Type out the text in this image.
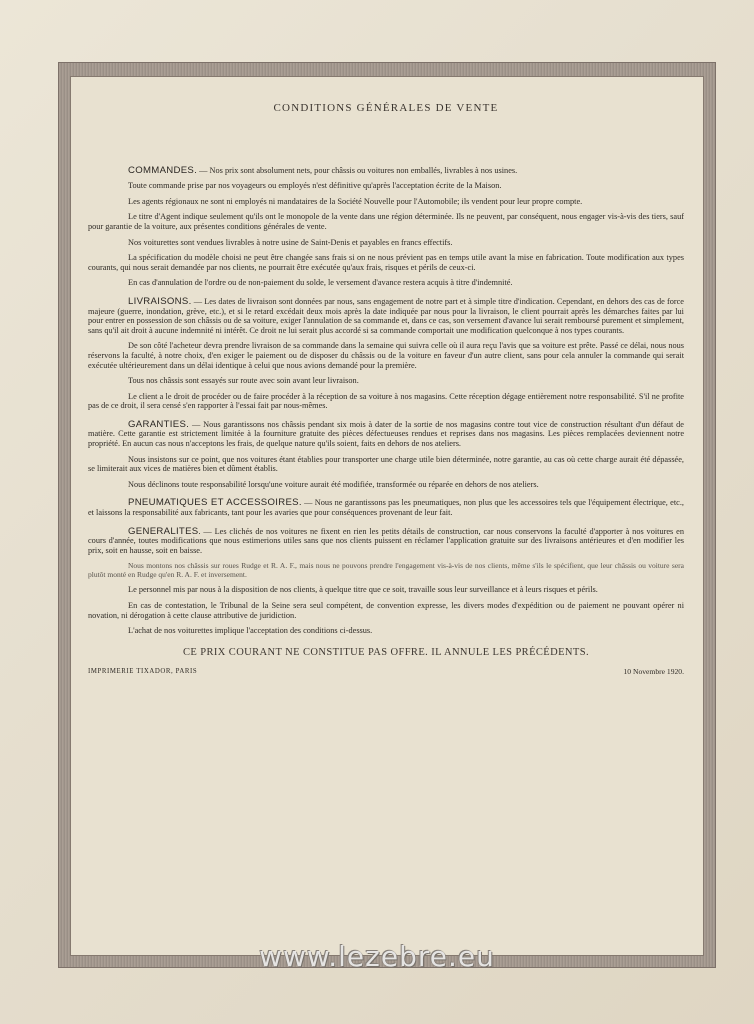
CONDITIONS GÉNÉRALES DE VENTE

COMMANDES. — Nos prix sont absolument nets, pour châssis ou voitures non emballés, livrables à nos usines.

Toute commande prise par nos voyageurs ou employés n'est définitive qu'après l'acceptation écrite de la Maison.

Les agents régionaux ne sont ni employés ni mandataires de la Société Nouvelle pour l'Automobile; ils vendent pour leur propre compte.

Le titre d'Agent indique seulement qu'ils ont le monopole de la vente dans une région déterminée. Ils ne peuvent, par conséquent, nous engager vis-à-vis des tiers, sauf pour garantie de la voiture, aux présentes conditions générales de vente.

Nos voiturettes sont vendues livrables à notre usine de Saint-Denis et payables en francs effectifs.

La spécification du modèle choisi ne peut être changée sans frais si on ne nous prévient pas en temps utile avant la mise en fabrication. Toute modification aux types courants, qui nous serait demandée par nos clients, ne pourrait être exécutée qu'aux frais, risques et périls de ceux-ci.

En cas d'annulation de l'ordre ou de non-paiement du solde, le versement d'avance restera acquis à titre d'indemnité.

LIVRAISONS. — Les dates de livraison sont données par nous, sans engagement de notre part et à simple titre d'indication. Cependant, en dehors des cas de force majeure (guerre, inondation, grève, etc.), et si le retard excédait deux mois après la date indiquée par nous pour la livraison, le client pourrait après les démarches faites par lui pour entrer en possession de son châssis ou de sa voiture, exiger l'annulation de sa commande et, dans ce cas, son versement d'avance lui serait remboursé purement et simplement, sans qu'il ait droit à aucune indemnité ni intérêt. Ce droit ne lui serait plus accordé si sa commande comportait une modification quelconque à nos types courants.

De son côté l'acheteur devra prendre livraison de sa commande dans la semaine qui suivra celle où il aura reçu l'avis que sa voiture est prête. Passé ce délai, nous nous réservons la faculté, à notre choix, d'en exiger le paiement ou de disposer du châssis ou de la voiture en faveur d'un autre client, sans pour cela annuler la commande qui serait exécutée ultérieurement dans un délai identique à celui que nous avions demandé pour la première.

Tous nos châssis sont essayés sur route avec soin avant leur livraison.

Le client a le droit de procéder ou de faire procéder à la réception de sa voiture à nos magasins. Cette réception dégage entièrement notre responsabilité. S'il ne profite pas de ce droit, il sera censé s'en rapporter à l'essai fait par nous-mêmes.

GARANTIES. — Nous garantissons nos châssis pendant six mois à dater de la sortie de nos magasins contre tout vice de construction résultant d'un défaut de matière. Cette garantie est strictement limitée à la fourniture gratuite des pièces défectueuses rendues et reprises dans nos magasins. Les pièces remplacées deviennent notre propriété. En aucun cas nous n'acceptons les frais, de quelque nature qu'ils soient, faits en dehors de nos ateliers.

Nous insistons sur ce point, que nos voitures étant établies pour transporter une charge utile bien déterminée, notre garantie, au cas où cette charge aurait été dépassée, se limiterait aux vices de matières bien et dûment établis.

Nous déclinons toute responsabilité lorsqu'une voiture aurait été modifiée, transformée ou réparée en dehors de nos ateliers.

PNEUMATIQUES ET ACCESSOIRES. — Nous ne garantissons pas les pneumatiques, non plus que les accessoires tels que l'équipement électrique, etc., et laissons la responsabilité aux fabricants, tant pour les avaries que pour conséquences provenant de leur fait.

GENERALITES. — Les clichés de nos voitures ne fixent en rien les petits détails de construction, car nous conservons la faculté d'apporter à nos voitures en cours d'année, toutes modifications que nous estimerions utiles sans que nos clients puissent en réclamer l'application gratuite sur des livraisons antérieures et d'en modifier les prix, soit en hausse, soit en baisse.

Nous montons nos châssis sur roues Rudge et R. A. F., mais nous ne pouvons prendre l'engagement vis-à-vis de nos clients, même s'ils le spécifient, que leur châssis ou voiture sera plutôt monté en Rudge qu'en R. A. F. et inversement.

Le personnel mis par nous à la disposition de nos clients, à quelque titre que ce soit, travaille sous leur surveillance et à leurs risques et périls.

En cas de contestation, le Tribunal de la Seine sera seul compétent, de convention expresse, les divers modes d'expédition ou de paiement ne pouvant opérer ni novation, ni dérogation à cette clause attributive de juridiction.

L'achat de nos voiturettes implique l'acceptation des conditions ci-dessus.

CE PRIX COURANT NE CONSTITUE PAS OFFRE. IL ANNULE LES PRÉCÉDENTS.
IMPRIMERIE TIXADOR, PARIS	10 Novembre 1920.
www.lezebre.eu
